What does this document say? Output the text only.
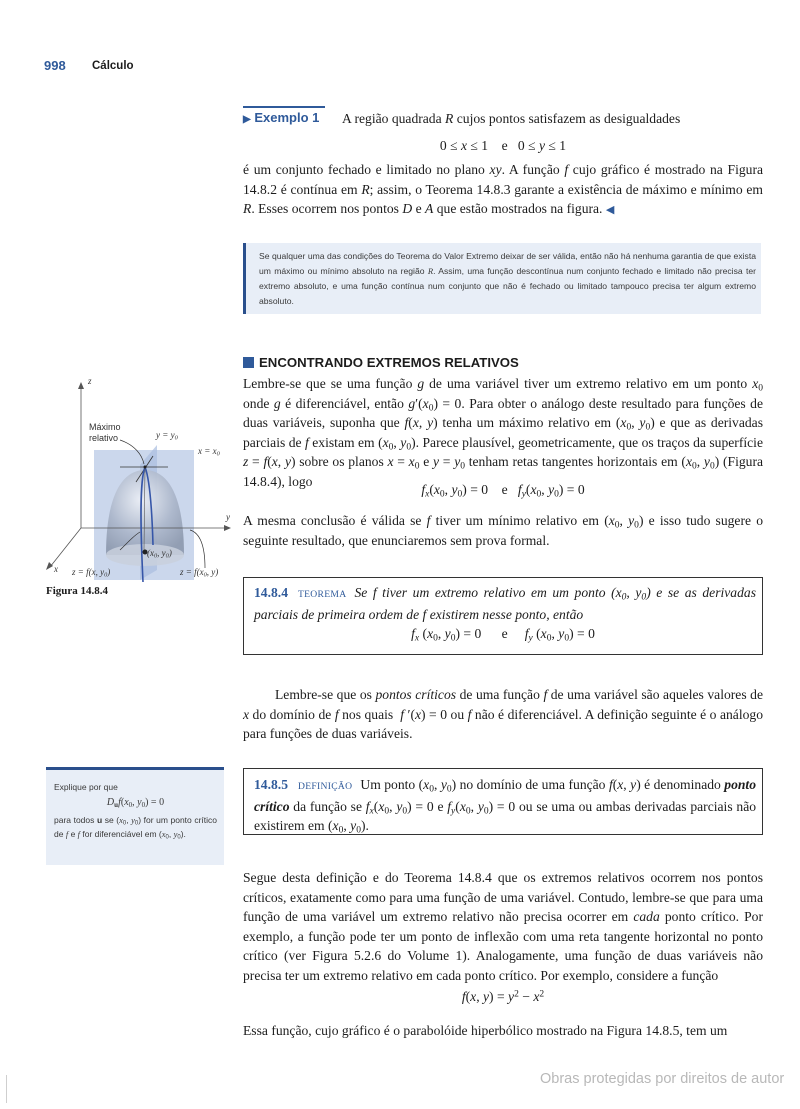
998 Cálculo
▶ Exemplo 1 A região quadrada R cujos pontos satisfazem as desigualdades
0 ≤ x ≤ 1    e   0 ≤ y ≤ 1
é um conjunto fechado e limitado no plano xy. A função f cujo gráfico é mostrado na Figura 14.8.2 é contínua em R; assim, o Teorema 14.8.3 garante a existência de máximo e mínimo em R. Esses ocorrem nos pontos D e A que estão mostrados na figura. ◀
Se qualquer uma das condições do Teorema do Valor Extremo deixar de ser válida, então não há nenhuma garantia de que exista um máximo ou mínimo absoluto na região R. Assim, uma função descontínua num conjunto fechado e limitado não precisa ter extremo absoluto, e uma função contínua num conjunto que não é fechado ou limitado tampouco precisa ter algum extremo absoluto.
ENCONTRANDO EXTREMOS RELATIVOS
Lembre-se que se uma função g de uma variável tiver um extremo relativo em um ponto $x_0$ onde g é diferenciável, então $g'(x_0) = 0$. Para obter o análogo deste resultado para funções de duas variáveis, suponha que f(x, y) tenha um máximo relativo em ($x_0$, $y_0$) e que as derivadas parciais de f existam em ($x_0$, $y_0$). Parece plausível, geometricamente, que os traços da superfície z = f(x, y) sobre os planos $x = x_0$ e $y = y_0$ tenham retas tangentes horizontais em ($x_0$, $y_0$) (Figura 14.8.4), logo
$f_x(x_0$, $y_0) = 0$    e   $f_y(x_0$, $y_0) = 0$
A mesma conclusão é válida se f tiver um mínimo relativo em ($x_0$, $y_0$) e isso tudo sugere o seguinte resultado, que enunciaremos sem prova formal.
z
y
x
Máximo
relativo	$y = y_0$
$x = x_0$
($x_0$, $y_0$)
z = f(x, $y_0$)	$z = f(x_0$, y)
Figura 14.8.4	14.8.4 TEOREMA Se f tiver um extremo relativo em um ponto ($x_0$, $y_0$) e se as derivadas parciais de primeira ordem de f existirem nesse ponto, então
$f_x$ ($x_0$, $y_0) = 0$      e     $f_y$ ($x_0$, $y_0) = 0$
Lembre-se que os pontos críticos de uma função f de uma variável são aqueles valores de x do domínio de f nos quais  f ′(x) = 0 ou f não é diferenciável. A definição seguinte é o análogo para funções de duas variáveis.
Explique por que
$D_uf(x_0$, $y_0) = 0$
para todos u se ($x_0$, $y_0$) for um ponto crítico de f e f for diferenciável em ($x_0$, $y_0$).
14.8.5 DEFINIÇÃO Um ponto ($x_0$, $y_0$) no domínio de uma função f(x, y) é denominado ponto crítico da função se $f_x(x_0$, $y_0) = 0$ e $f_y(x_0$, $y_0) = 0$ ou se uma ou ambas derivadas parciais não existirem em ($x_0$, $y_0$).
Segue desta definição e do Teorema 14.8.4 que os extremos relativos ocorrem nos pontos críticos, exatamente como para uma função de uma variável. Contudo, lembre-se que para uma função de uma variável um extremo relativo não precisa ocorrer em cada ponto crítico. Por exemplo, a função pode ter um ponto de inflexão com uma reta tangente horizontal no ponto crítico (ver Figura 5.2.6 do Volume 1). Analogamente, uma função de duas variáveis não precisa ter um extremo relativo em cada ponto crítico. Por exemplo, considere a função
f(x, $y) = y^2 - x^2$
Essa função, cujo gráfico é o parabolóide hiperbólico mostrado na Figura 14.8.5, tem um
Obras protegidas por direitos de autor
